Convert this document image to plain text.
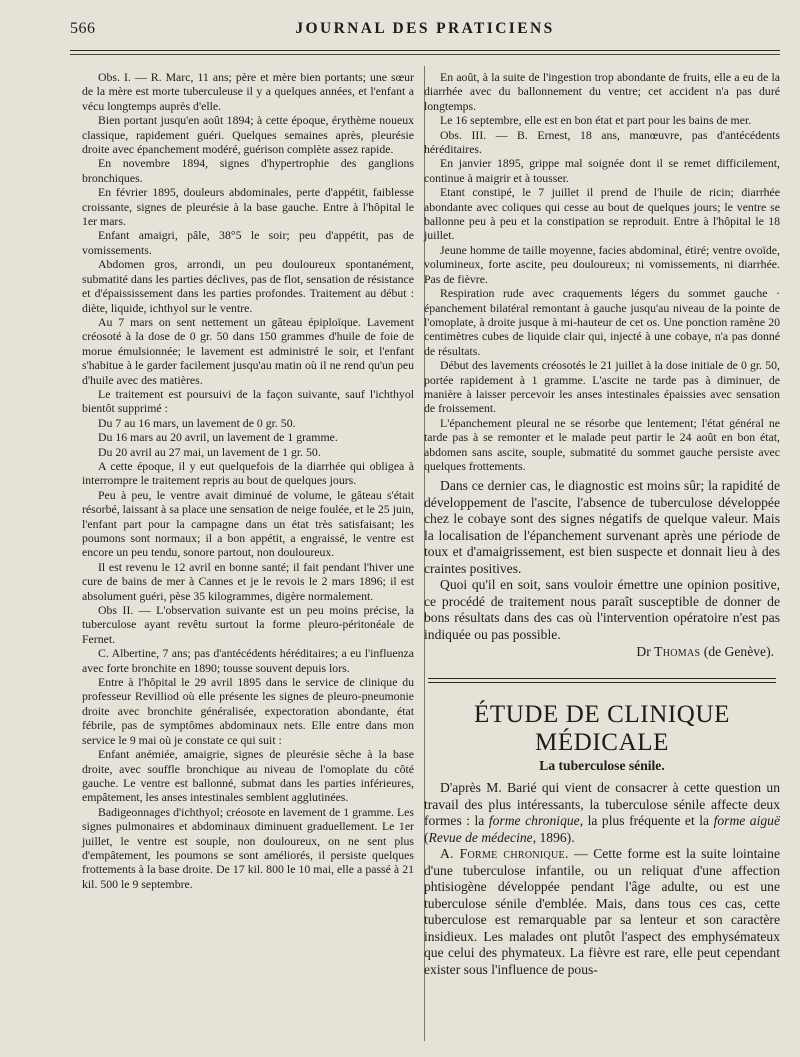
566	JOURNAL DES PRATICIENS

Obs. I. — R. Marc, 11 ans; père et mère bien portants; une sœur de la mère est morte tuberculeuse il y a quelques années, et l'enfant a vécu longtemps auprès d'elle.

Bien portant jusqu'en août 1894; à cette époque, érythème noueux classique, rapidement guéri. Quelques semaines après, pleurésie droite avec épanchement modéré, guérison complète assez rapide.

En novembre 1894, signes d'hypertrophie des ganglions bronchiques.

En février 1895, douleurs abdominales, perte d'appétit, faiblesse croissante, signes de pleurésie à la base gauche. Entre à l'hôpital le 1er mars.

Enfant amaigri, pâle, 38°5 le soir; peu d'appétit, pas de vomissements.

Abdomen gros, arrondi, un peu douloureux spontanément, submatité dans les parties déclives, pas de flot, sensation de résistance et d'épaississement dans les parties profondes. Traitement au début : diète, liquide, ichthyol sur le ventre.

Au 7 mars on sent nettement un gâteau épiploïque. Lavement créosoté à la dose de 0 gr. 50 dans 150 grammes d'huile de foie de morue émulsionnée; le lavement est administré le soir, et l'enfant s'habitue à le garder facilement jusqu'au matin où il ne rend qu'un peu d'huile avec des matières.

Le traitement est poursuivi de la façon suivante, sauf l'ichthyol bientôt supprimé :

Du 7 au 16 mars, un lavement de 0 gr. 50.

Du 16 mars au 20 avril, un lavement de 1 gramme.

Du 20 avril au 27 mai, un lavement de 1 gr. 50.

A cette époque, il y eut quelquefois de la diarrhée qui obligea à interrompre le traitement repris au bout de quelques jours.

Peu à peu, le ventre avait diminué de volume, le gâteau s'était résorbé, laissant à sa place une sensation de neige foulée, et le 25 juin, l'enfant part pour la campagne dans un état très satisfaisant; les poumons sont normaux; il a bon appétit, a engraissé, le ventre est encore un peu tendu, sonore partout, non douloureux.

Il est revenu le 12 avril en bonne santé; il fait pendant l'hiver une cure de bains de mer à Cannes et je le revois le 2 mars 1896; il est absolument guéri, pèse 35 kilogrammes, digère normalement.

Obs II. — L'observation suivante est un peu moins précise, la tuberculose ayant revêtu surtout la forme pleuro-péritonéale de Fernet.

C. Albertine, 7 ans; pas d'antécédents héréditaires; a eu l'influenza avec forte bronchite en 1890; tousse souvent depuis lors.

Entre à l'hôpital le 29 avril 1895 dans le service de clinique du professeur Revilliod où elle présente les signes de pleuro-pneumonie droite avec bronchite généralisée, expectoration abondante, état fébrile, pas de symptômes abdominaux nets. Elle entre dans mon service le 9 mai où je constate ce qui suit :

Enfant anémiée, amaigrie, signes de pleurésie sèche à la base droite, avec souffle bronchique au niveau de l'omoplate du côté gauche. Le ventre est ballonné, submat dans les parties inférieures, empâtement, les anses intestinales semblent agglutinées.

Badigeonnages d'ichthyol; créosote en lavement de 1 gramme. Les signes pulmonaires et abdominaux diminuent graduellement. Le 1er juillet, le ventre est souple, non douloureux, on ne sent plus d'empâtement, les poumons se sont améliorés, il persiste quelques frottements à la base droite. De 17 kil. 800 le 10 mai, elle a passé à 21 kil. 500 le 9 septembre.

En août, à la suite de l'ingestion trop abondante de fruits, elle a eu de la diarrhée avec du ballonnement du ventre; cet accident n'a pas duré longtemps.

Le 16 septembre, elle est en bon état et part pour les bains de mer.

Obs. III. — B. Ernest, 18 ans, manœuvre, pas d'antécédents héréditaires.

En janvier 1895, grippe mal soignée dont il se remet difficilement, continue à maigrir et à tousser.

Etant constipé, le 7 juillet il prend de l'huile de ricin; diarrhée abondante avec coliques qui cesse au bout de quelques jours; le ventre se ballonne peu à peu et la constipation se reproduit. Entre à l'hôpital le 18 juillet.

Jeune homme de taille moyenne, facies abdominal, étiré; ventre ovoïde, volumineux, forte ascite, peu douloureux; ni vomissements, ni diarrhée. Pas de fièvre.

Respiration rude avec craquements légers du sommet gauche · épanchement bilatéral remontant à gauche jusqu'au niveau de la pointe de l'omoplate, à droite jusque à mi-hauteur de cet os. Une ponction ramène 20 centimètres cubes de liquide clair qui, injecté à une cobaye, n'a pas donné de résultats.

Début des lavements créosotés le 21 juillet à la dose initiale de 0 gr. 50, portée rapidement à 1 gramme. L'ascite ne tarde pas à diminuer, de manière à laisser percevoir les anses intestinales épaissies avec sensation de froissement.

L'épanchement pleural ne se résorbe que lentement; l'état général ne tarde pas à se remonter et le malade peut partir le 24 août en bon état, abdomen sans ascite, souple, submatité du sommet gauche persiste avec quelques frottements.

Dans ce dernier cas, le diagnostic est moins sûr; la rapidité de développement de l'ascite, l'absence de tuberculose développée chez le cobaye sont des signes négatifs de quelque valeur. Mais la localisation de l'épanchement survenant après une période de toux et d'amaigrissement, est bien suspecte et donnait lieu à des craintes positives.

Quoi qu'il en soit, sans vouloir émettre une opinion positive, ce procédé de traitement nous paraît susceptible de donner de bons résultats dans des cas où l'intervention opératoire n'est pas indiquée ou pas possible.

Dr Thomas (de Genève).

ÉTUDE DE CLINIQUE MÉDICALE

La tuberculose sénile.

D'après M. Barié qui vient de consacrer à cette question un travail des plus intéressants, la tuberculose sénile affecte deux formes : la forme chronique, la plus fréquente et la forme aiguë (Revue de médecine, 1896).

A. Forme chronique. — Cette forme est la suite lointaine d'une tuberculose infantile, ou un reliquat d'une affection phtisiogène développée pendant l'âge adulte, ou est une tuberculose sénile d'emblée. Mais, dans tous ces cas, cette tuberculose est remarquable par sa lenteur et son caractère insidieux. Les malades ont plutôt l'aspect des emphysémateux que celui des phymateux. La fièvre est rare, elle peut cependant exister sous l'influence de pous-
